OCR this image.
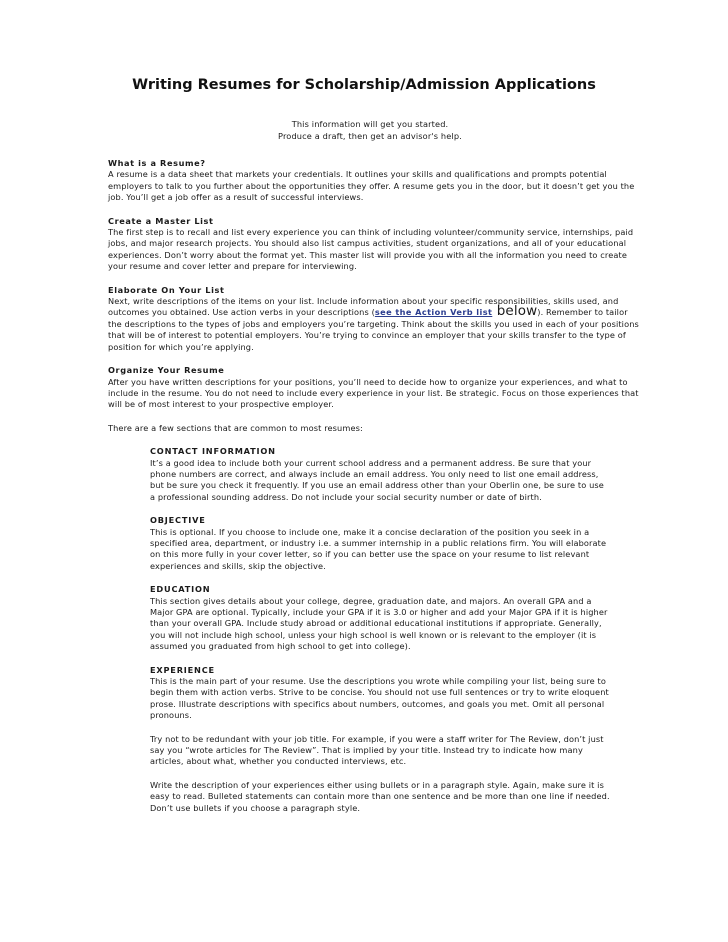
Writing Resumes for Scholarship/Admission Applications
This information will get you started.
Produce a draft, then get an advisor's help.
What is a Resume?

A resume is a data sheet that markets your credentials. It outlines your skills and qualifications and prompts potential employers to talk to you further about the opportunities they offer. A resume gets you in the door, but it doesn’t get you the job. You’ll get a job offer as a result of successful interviews.

Create a Master List

The first step is to recall and list every experience you can think of including volunteer/community service, internships, paid jobs, and major research projects. You should also list campus activities, student organizations, and all of your educational experiences. Don’t worry about the format yet. This master list will provide you with all the information you need to create your resume and cover letter and prepare for interviewing.

Elaborate On Your List

Next, write descriptions of the items on your list. Include information about your specific responsibilities, skills used, and outcomes you obtained. Use action verbs in your descriptions (see the Action Verb list below). Remember to tailor the descriptions to the types of jobs and employers you’re targeting. Think about the skills you used in each of your positions that will be of interest to potential employers. You’re trying to convince an employer that your skills transfer to the type of position for which you’re applying.

Organize Your Resume

After you have written descriptions for your positions, you’ll need to decide how to organize your experiences, and what to include in the resume. You do not need to include every experience in your list. Be strategic. Focus on those experiences that will be of most interest to your prospective employer.

There are a few sections that are common to most resumes:

CONTACT INFORMATION
It’s a good idea to include both your current school address and a permanent address. Be sure that your phone numbers are correct, and always include an email address. You only need to list one email address, but be sure you check it frequently. If you use an email address other than your Oberlin one, be sure to use a professional sounding address. Do not include your social security number or date of birth.
OBJECTIVE
This is optional. If you choose to include one, make it a concise declaration of the position you seek in a specified area, department, or industry i.e. a summer internship in a public relations firm. You will elaborate on this more fully in your cover letter, so if you can better use the space on your resume to list relevant experiences and skills, skip the objective.
EDUCATION
This section gives details about your college, degree, graduation date, and majors. An overall GPA and a Major GPA are optional. Typically, include your GPA if it is 3.0 or higher and add your Major GPA if it is higher than your overall GPA. Include study abroad or additional educational institutions if appropriate. Generally, you will not include high school, unless your high school is well known or is relevant to the employer (it is assumed you graduated from high school to get into college).
EXPERIENCE
This is the main part of your resume. Use the descriptions you wrote while compiling your list, being sure to begin them with action verbs. Strive to be concise. You should not use full sentences or try to write eloquent prose. Illustrate descriptions with specifics about numbers, outcomes, and goals you met. Omit all personal pronouns.
Try not to be redundant with your job title. For example, if you were a staff writer for The Review, don’t just say you “wrote articles for The Review”. That is implied by your title. Instead try to indicate how many articles, about what, whether you conducted interviews, etc.
Write the description of your experiences either using bullets or in a paragraph style. Again, make sure it is easy to read. Bulleted statements can contain more than one sentence and be more than one line if needed. Don’t use bullets if you choose a paragraph style.
